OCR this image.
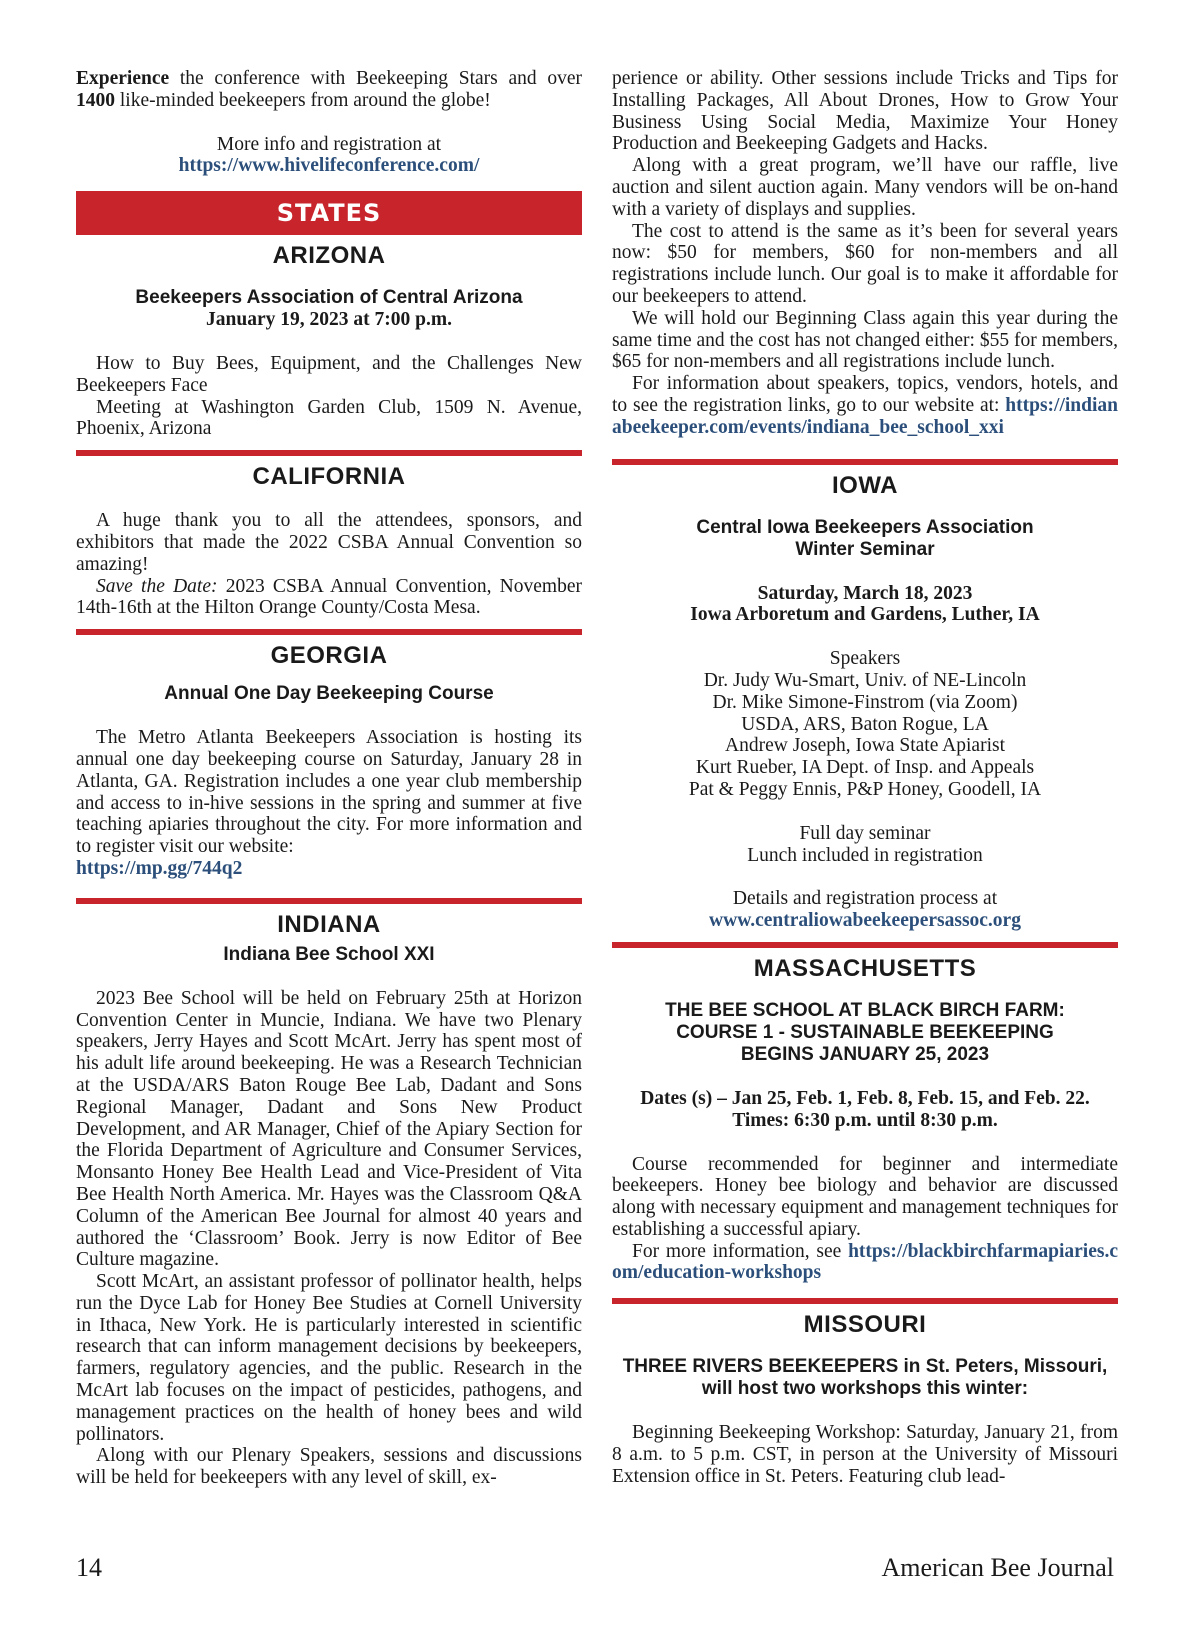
Experience the conference with Beekeeping Stars and over 1400 like-minded beekeepers from around the globe!

More info and registration at

https://www.hivelifeconference.com/

STATES
ARIZONA
Beekeepers Association of Central Arizona

January 19, 2023 at 7:00 p.m.

How to Buy Bees, Equipment, and the Challenges New Beekeepers Face

Meeting at Washington Garden Club, 1509 N. Avenue, Phoenix, Arizona

CALIFORNIA

A huge thank you to all the attendees, sponsors, and exhibitors that made the 2022 CSBA Annual Convention so amazing!

Save the Date: 2023 CSBA Annual Convention, November 14th-16th at the Hilton Orange County/Costa Mesa.

GEORGIA
Annual One Day Beekeeping Course

The Metro Atlanta Beekeepers Association is hosting its annual one day beekeeping course on Saturday, January 28 in Atlanta, GA. Registration includes a one year club membership and access to in-hive sessions in the spring and summer at five teaching apiaries throughout the city. For more information and to register visit our website:

https://mp.gg/744q2

INDIANA
Indiana Bee School XXI

2023 Bee School will be held on February 25th at Horizon Convention Center in Muncie, Indiana. We have two Plenary speakers, Jerry Hayes and Scott McArt. Jerry has spent most of his adult life around beekeeping. He was a Research Technician at the USDA/ARS Baton Rouge Bee Lab, Dadant and Sons Regional Manager, Dadant and Sons New Product Development, and AR Manager, Chief of the Apiary Section for the Florida Department of Agriculture and Consumer Services, Monsanto Honey Bee Health Lead and Vice-President of Vita Bee Health North America. Mr. Hayes was the Classroom Q&A Column of the American Bee Journal for almost 40 years and authored the ‘Classroom’ Book. Jerry is now Editor of Bee Culture magazine.

Scott McArt, an assistant professor of pollinator health, helps run the Dyce Lab for Honey Bee Studies at Cornell University in Ithaca, New York. He is particularly interested in scientific research that can inform management decisions by beekeepers, farmers, regulatory agencies, and the public. Research in the McArt lab focuses on the impact of pesticides, pathogens, and management practices on the health of honey bees and wild pollinators.

Along with our Plenary Speakers, sessions and discussions will be held for beekeepers with any level of skill, ex-

perience or ability. Other sessions include Tricks and Tips for Installing Packages, All About Drones, How to Grow Your Business Using Social Media, Maximize Your Honey Production and Beekeeping Gadgets and Hacks.

Along with a great program, we’ll have our raffle, live auction and silent auction again. Many vendors will be on-hand with a variety of displays and supplies.

The cost to attend is the same as it’s been for several years now: $50 for members, $60 for non-members and all registrations include lunch. Our goal is to make it affordable for our beekeepers to attend.

We will hold our Beginning Class again this year during the same time and the cost has not changed either: $55 for members, $65 for non-members and all registrations include lunch.

For information about speakers, topics, vendors, hotels, and to see the registration links, go to our website at: https://indianabeekeeper.com/events/indiana_bee_school_xxi

IOWA
Central Iowa Beekeepers Association
Winter Seminar

Saturday, March 18, 2023

Iowa Arboretum and Gardens, Luther, IA

Speakers

Dr. Judy Wu-Smart, Univ. of NE-Lincoln

Dr. Mike Simone-Finstrom (via Zoom)

USDA, ARS, Baton Rogue, LA

Andrew Joseph, Iowa State Apiarist

Kurt Rueber, IA Dept. of Insp. and Appeals

Pat & Peggy Ennis, P&P Honey, Goodell, IA

Full day seminar

Lunch included in registration

Details and registration process at

www.centraliowabeekeepersassoc.org

MASSACHUSETTS
THE BEE SCHOOL AT BLACK BIRCH FARM:
COURSE 1 - SUSTAINABLE BEEKEEPING
BEGINS JANUARY 25, 2023

Dates (s) – Jan 25, Feb. 1, Feb. 8, Feb. 15, and Feb. 22.

Times: 6:30 p.m. until 8:30 p.m.

Course recommended for beginner and intermediate beekeepers. Honey bee biology and behavior are discussed along with necessary equipment and management techniques for establishing a successful apiary.

For more information, see https://blackbirchfarmapiaries.com/education-workshops

MISSOURI
THREE RIVERS BEEKEEPERS in St. Peters, Missouri,
will host two workshops this winter:

Beginning Beekeeping Workshop: Saturday, January 21, from 8 a.m. to 5 p.m. CST, in person at the University of Missouri Extension office in St. Peters. Featuring club lead-

14	American Bee Journal
